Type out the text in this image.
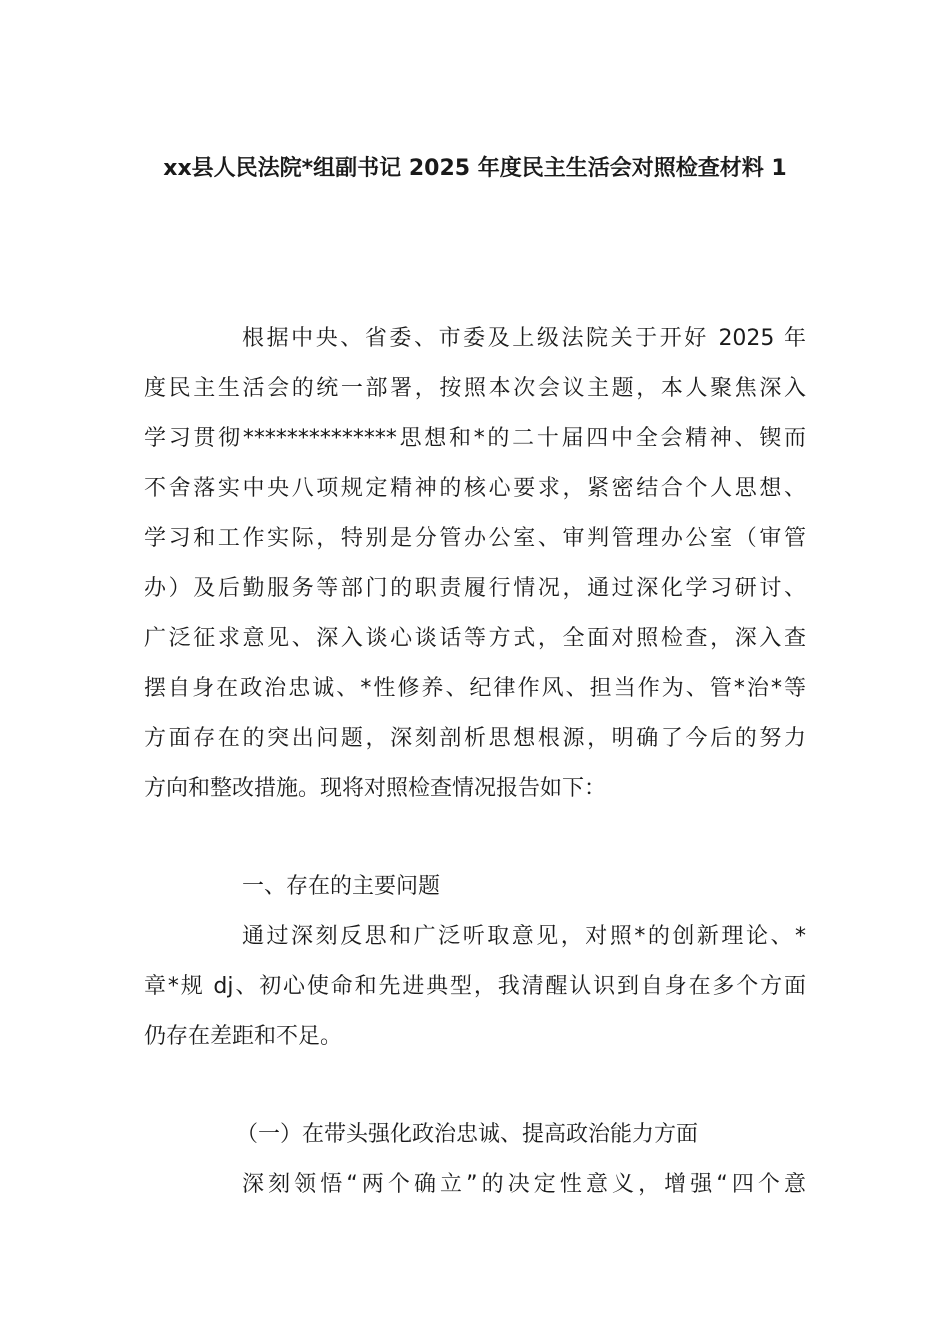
xx县人民法院*组副书记 2025 年度民主生活会对照检查材料 1

根据中央、省委、市委及上级法院关于开好 2025 年

度民主生活会的统一部署，按照本次会议主题，本人聚焦深入

学习贯彻**************思想和*的二十届四中全会精神、锲而

不舍落实中央八项规定精神的核心要求，紧密结合个人思想、

学习和工作实际，特别是分管办公室、审判管理办公室（审管

办）及后勤服务等部门的职责履行情况，通过深化学习研讨、

广泛征求意见、深入谈心谈话等方式，全面对照检查，深入查

摆自身在政治忠诚、*性修养、纪律作风、担当作为、管*治*等

方面存在的突出问题，深刻剖析思想根源，明确了今后的努力

方向和整改措施。现将对照检查情况报告如下：

一、存在的主要问题

通过深刻反思和广泛听取意见，对照*的创新理论、*

章*规 dj、初心使命和先进典型，我清醒认识到自身在多个方面

仍存在差距和不足。

（一）在带头强化政治忠诚、提高政治能力方面

深刻领悟“两个确立”的决定性意义，增强“四个意
